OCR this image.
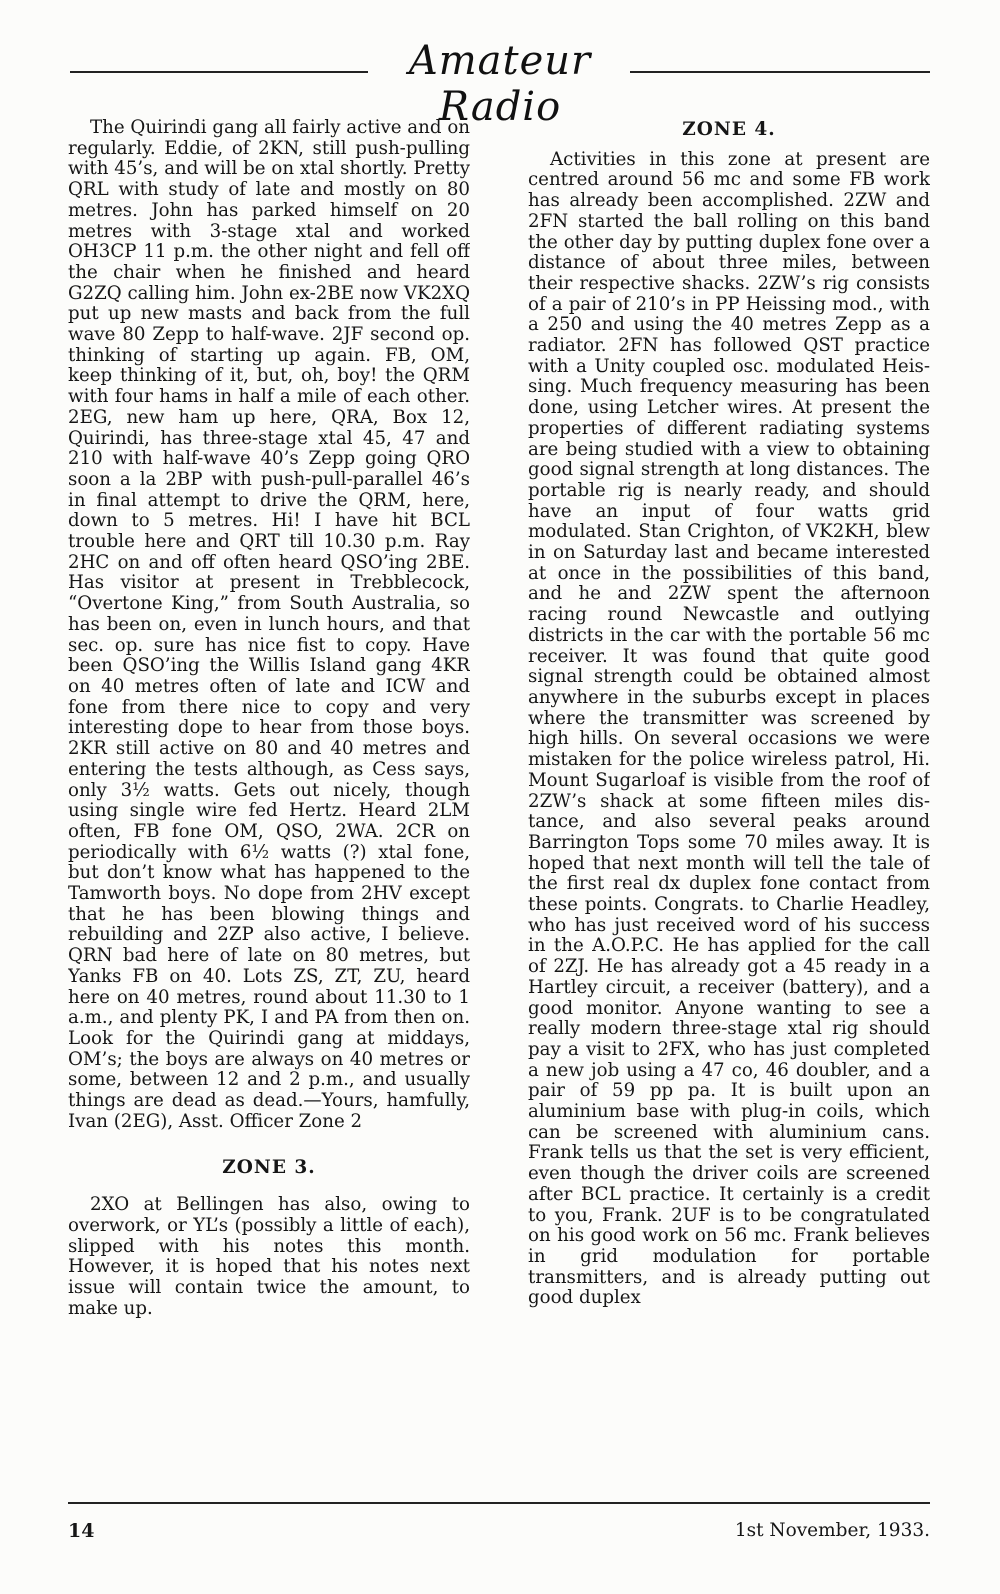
Amateur Radio

The Quirindi gang all fairly active and on regularly. Eddie, of 2KN, still push-pulling with 45’s, and will be on xtal shortly. Pretty QRL with study of late and mostly on 80 metres. John has parked himself on 20 metres with 3-stage xtal and worked OH3CP 11 p.m. the other night and fell off the chair when he finished and heard G2ZQ calling him. John ex-2BE now VK2XQ put up new masts and back from the full wave 80 Zepp to half-wave. 2JF second op. thinking of starting up again. FB, OM, keep thinking of it, but, oh, boy! the QRM with four hams in half a mile of each other. 2EG, new ham up here, QRA, Box 12, Quirindi, has three-stage xtal 45, 47 and 210 with half-wave 40’s Zepp going QRO soon a la 2BP with push-pull-parallel 46’s in final attempt to drive the QRM, here, down to 5 metres. Hi! I have hit BCL trouble here and QRT till 10.30 p.m. Ray 2HC on and off often heard QSO’ing 2BE. Has visitor at present in Trebblecock, “Overtone King,” from South Australia, so has been on, even in lunch hours, and that sec. op. sure has nice fist to copy. Have been QSO’ing the Willis Island gang 4KR on 40 metres often of late and ICW and fone from there nice to copy and very interesting dope to hear from those boys. 2KR still active on 80 and 40 metres and entering the tests although, as Cess says, only 3½ watts. Gets out nicely, though using single wire fed Hertz. Heard 2LM often, FB fone OM, QSO, 2WA. 2CR on periodically with 6½ watts (?) xtal fone, but don’t know what has happened to the Tamworth boys. No dope from 2HV except that he has been blowing things and rebuilding and 2ZP also active, I believe. QRN bad here of late on 80 metres, but Yanks FB on 40. Lots ZS, ZT, ZU, heard here on 40 metres, round about 11.30 to 1 a.m., and plenty PK, I and PA from then on. Look for the Quirindi gang at middays, OM’s; the boys are always on 40 metres or some, between 12 and 2 p.m., and usually things are dead as dead.—Yours, hamfully, Ivan (2EG), Asst. Officer Zone 2

ZONE 3.

2XO at Bellingen has also, owing to overwork, or YL’s (possibly a little of each), slipped with his notes this month. However, it is hoped that his notes next issue will contain twice the amount, to make up.

ZONE 4.

Activities in this zone at present are centred around 56 mc and some FB work has already been accomplished. 2ZW and 2FN started the ball rolling on this band the other day by putting duplex fone over a distance of about three miles, between their respective shacks. 2ZW’s rig consists of a pair of 210’s in PP Heissing mod., with a 250 and using the 40 metres Zepp as a radiator. 2FN has followed QST practice with a Unity coupled osc. modulated Heissing. Much frequency measuring has been done, using Letcher wires. At present the properties of different radiating systems are being studied with a view to obtaining good signal strength at long distances. The portable rig is nearly ready, and should have an input of four watts grid modulated. Stan Crighton, of VK2KH, blew in on Saturday last and became interested at once in the possibilities of this band, and he and 2ZW spent the afternoon racing round Newcastle and outlying districts in the car with the portable 56 mc receiver. It was found that quite good signal strength could be obtained almost anywhere in the suburbs except in places where the transmitter was screened by high hills. On several occasions we were mistaken for the police wireless patrol, Hi. Mount Sugarloaf is visible from the roof of 2ZW’s shack at some fifteen miles distance, and also several peaks around Barrington Tops some 70 miles away. It is hoped that next month will tell the tale of the first real dx duplex fone contact from these points. Congrats. to Charlie Headley, who has just received word of his success in the A.O.P.C. He has applied for the call of 2ZJ. He has already got a 45 ready in a Hartley circuit, a receiver (battery), and a good monitor. Anyone wanting to see a really modern three-stage xtal rig should pay a visit to 2FX, who has just completed a new job using a 47 co, 46 doubler, and a pair of 59 pp pa. It is built upon an aluminium base with plug-in coils, which can be screened with aluminium cans. Frank tells us that the set is very efficient, even though the driver coils are screened after BCL practice. It certainly is a credit to you, Frank. 2UF is to be congratulated on his good work on 56 mc. Frank believes in grid modulation for portable transmitters, and is already putting out good duplex

14	1st November, 1933.
